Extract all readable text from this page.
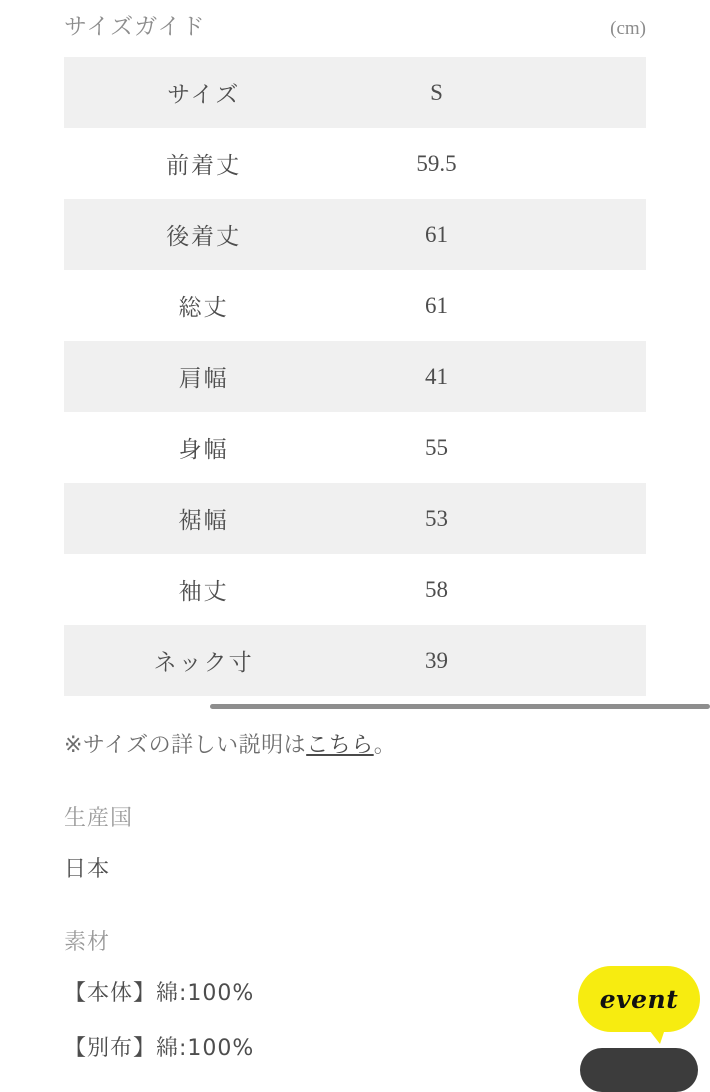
サイズガイド	(cm)
サイズ	S	
前着丈	59.5	
後着丈	61	
総丈	61	
肩幅	41	
身幅	55	
裾幅	53	
袖丈	58	
ネック寸	39	
※サイズの詳しい説明はこちら。
生産国
日本
素材
【本体】綿:100%
【別布】綿:100%
event
